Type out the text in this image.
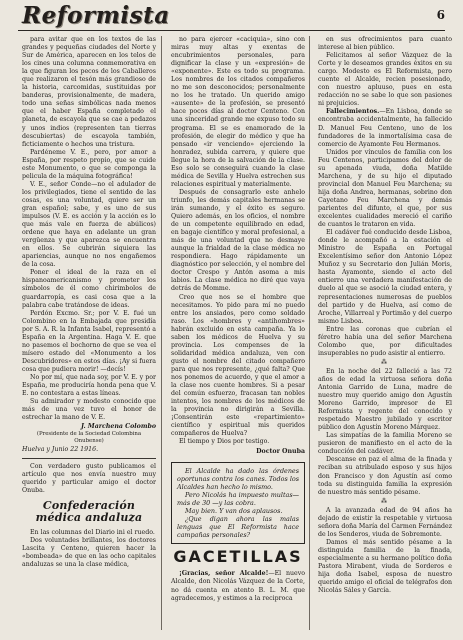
Reformista	6

para avitar que en los textos de las grandes y pequeñas ciudades del Norte y Sur de América, aparecen en los telos de los cines una columna conmemorativa en la que figuran los pecos de los Caballeros que realizaron el tesón más grandioso de la historia, carcomidas, sustituidas por banderas, provisionalmente, de madera, todo una señas simbólicas nada menos que el haber España completado el planeta, de escayola que se cae a pedazos y unos indios (representen tan tierras descubiertas) de escayola también, ficticiamente o hechos una tristura.

Pardéneme V. E., pero, por amor a España, por respeto propio, que se cuide este Monumento, o que se componga la pelicula de la máquina fotográfica!

V. E., señor Conde—no el adulador de los privilegiados, tiene el sentido de las cosas, es una voluntad, quiere ser un gran español; sabe, y es uno de sus impulsos (V. E. es acción y la acción es lo que más vale en fuerza de abúlicos) ordene que haya en adelante un gran vergüenza y que aparezca se encuentra en ellos. Se cubrirán siquiera las apariencias, aunque no nos engañemos de la cosa.

Poner el ideal de la raza en el hispanoamericanismo y prometer los símbolos de él como chirimbolos de guardarropía, es casi cosa que a la palabra cabe tratándose de ideas.

Perdón Excmo. Sr.; por V. E. fué un Colombino en la Embajada que presidía por S. A. R. la Infanta Isabel, representó a España en la Argentina. Haga V. E. que no pasemos el bochorno de que se vea el mísero estado del «Monumento a los Descubridores» en estos días. ¡Ay si fuera cosa que pudiera morir! —decís!

No por mí, que nada soy, por V. E. y por España, me produciría honda pena que V. E. no contestara a estas líneas.

Su admirador y modesto conocido que más de una vez tuvo el honor de estrechar la mano de V. E.

J. Marchena Colombo
(Presidente de la Sociedad Colombina Onubense)
Huelva y Junio 22 1916.

Con verdadero gusto publicamos el artículo que nos envía nuestro muy querido y particular amigo el doctor Onuba.

Confederación médica andaluza

En las columnas del Diario ini el ruedo.

Dos voluntades brillantes, los doctores Lascita y Centeno, quieren hacer la «bombeada» de que en las ocho capitales andaluzas se una la clase médica,

no para ejercer «caciquia», sino con miras muy altas y exentas de encubrimientos personales, para dignificar la clase y un «expresión» de «exponente». Este es todo su programa. Los nombres de los citados compañeros no me son desconocidos; personalmente no los he tratado. Un querido amigo «ausente» de la profesión, se presentó hace pocos días al doctor Centeno. Con una sinceridad grande me expuso todo su programa. El se es enamorado de la profesión, de elegir do médico y que ha pensado «ir venciendo» ejerciendo la honradez, subida carrera, y quiere que llegue la hora de la salvación de la clase. Eso solo se conseguirá cuando la clase médica de Sevilla y Huelva estrechen sus relaciones espiritual y materialmente.

Después de consagrarlo este anhelo triunfo, les demás capitales hermanas se irán sumando, y el éxito es seguro. Quiero además, en los oficios, el nombre de un competente equilibrado en edad, en bagaje científico y moral profesional, a más de una voluntad que no desmaye aunque la frialdad de la clase médica no respondiera. Hago rápidamente un diagnóstico por selección, y el nombre del doctor Crespo y Antón asoma a mis labios. La clase médica no diré que vaya detrás de Momme.

Creo que nos se el hombre que necesitamos. Yo pido para mí no puedo entre los ansiados, pero como soldado raso. Los «hombres y «antihombres» habrán excluido en esta campaña. Ya lo saben los médicos de Huelva y su provincia. Los compenses de la solidaridad médica andaluza, ven con gusto el nombre del citado compañero para que nos represente, ¿qué falta? Que nos ponemos de acuerdo, y que el amor a la clase nos cuente hombres. Si a pesar del común esfuerzo, fracasan tan nobles intentos, los nombres de los médicos de la provincia no dirigirán a Sevilla. ¡Consentirán este «repartimiento» científico y espiritual mis queridos compañeros de Huelva?

El tiempo y Dios por testigo.

Doctor Onuba

El Alcalde ha dado las órdenes oportunas contra los canes. Todos los Alcaldes han hecho lo mismo.

Pero Nicolás ha impuesto multas— más de 30 —y las cobra.

May bien. Y van dos aplausos.

¿Que digan ahora las malas lenguas que El Reformista hace campañas personales?

GACETILLAS

¡Gracias, señor Alcalde!—El nuevo Alcalde, don Nicolás Vázquez de la Corte, no dá cuenta en atento B. L. M. que agradecemos, y estimos a la reciproca

en sus ofrecimientos para cuanto interese al bien público.

Felicitamos al señor Vázquez de la Corte y le deseamos grandes éxitos en su cargo. Modesto es El Reformista, pero cuente el Alcalde, recien posesionado, con nuestro apluuso, pues en esta redacción no se sabe lo que son pasiones ni prejuicios.

Fallecimientos.—En Lisboa, donde se encontraba accidentalmente, ha fallecido D. Manuel Feu Centeno, uno de los fundadores de la inmortalísima casa de comercio de Ayamonte Feu Hermanos.

Unidos por vínculos de familia con los Feu Centenos, participamos del dolor de su apenada viuda, doña Matilde Marchena, y de su hijo el diputado provincial don Manuel Feu Marchena; su hija doña Andrea, hermanas, sobrino don Cayetano Feu Marchena y demás parientes del difunto, el que, por sus excelentes cualidades mereció el cariño de cuantos le trataron en vida.

El cadáver fué conducido desde Lisboa, donde le acompañó a la estación el Ministro de España en Portugal Excelentísimo señor don Antonio López Muñoz y su Secretario don Julián Moris, hasta Ayamonte, siendo el acto del entierro una verdadera manifestación de duelo al que se asoció la ciudad entera, y representaciones numerosas de pueblos del partido y de Huelva, así como de Aroche, Villarreal y Portimão y del cuerpo mismo Lisboa.

Entre las coronas que cubrían el féretro había una del señor Marchena Colombo que, por dificultades insuperables no pudo asistir al entierro.

⁂

En la noche del 22 falleció a las 72 años de edad la virtuosa señora doña Antonia Garrido de Luna, madre de nuestro muy querido amigo don Agustín Moreno Garrido, impresor de El Reformista y regente del conocido y respetado Maestro jubilado y escritor público don Agustín Moreno Márquez.

Las simpatías de la familia Moreno se pusieron de manifiesto en el acto de la conducción del cadáver.

Descanse en paz el alma de la finada y reciban su atribulado esposo y sus hijos don Francisco y don Agustín así como toda su distinguida familia la expresión de nuestro más sentido pésame.

⁂

A la avanzada edad de 94 años ha dejado de existir la respetable y virtuosa señora doña María del Carmen Fernández de los Senderos, viuda de Sobremonte.

Damos el más sentido pésame a la distinguida familia de la finada, especialmente a su hermano político doña Pastora Mirabent, viuda de Sorderos e hija doña Isabel, esposa de nuestro querido amigo el oficial de telégrafos don Nicolás Sáles y García.
